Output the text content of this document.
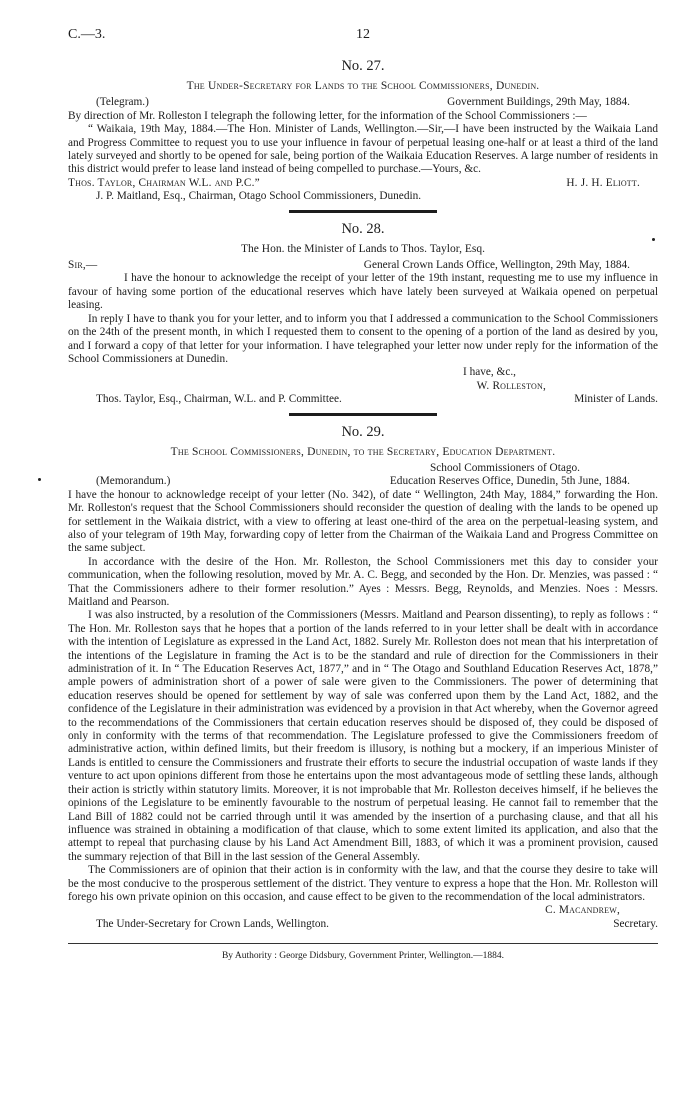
C.—3.	12
No. 27.
The Under-Secretary for Lands to the School Commissioners, Dunedin.
(Telegram.)	Government Buildings, 29th May, 1884.

By direction of Mr. Rolleston I telegraph the following letter, for the information of the School Commissioners :—

“ Waikaia, 19th May, 1884.—The Hon. Minister of Lands, Wellington.—Sir,—I have been instructed by the Waikaia Land and Progress Committee to request you to use your influence in favour of perpetual leasing one-half or at least a third of the land lately surveyed and shortly to be opened for sale, being portion of the Waikaia Education Reserves. A large number of residents in this district would prefer to lease land instead of being compelled to purchase.—Yours, &c.

Thos. Taylor, Chairman W.L. and P.C.”	H. J. H. Eliott.
J. P. Maitland, Esq., Chairman, Otago School Commissioners, Dunedin.
No. 28.
The Hon. the Minister of Lands to Thos. Taylor, Esq.
Sir,—	General Crown Lands Office, Wellington, 29th May, 1884.

I have the honour to acknowledge the receipt of your letter of the 19th instant, requesting me to use my influence in favour of having some portion of the educational reserves which have lately been surveyed at Waikaia opened on perpetual leasing.

In reply I have to thank you for your letter, and to inform you that I addressed a communication to the School Commissioners on the 24th of the present month, in which I requested them to consent to the opening of a portion of the land as desired by you, and I forward a copy of that letter for your information. I have telegraphed your letter now under reply for the information of the School Commissioners at Dunedin.

I have, &c.,
W. Rolleston,
Thos. Taylor, Esq., Chairman, W.L. and P. Committee.	Minister of Lands.
No. 29.
The School Commissioners, Dunedin, to the Secretary, Education Department.
School Commissioners of Otago.
(Memorandum.)	Education Reserves Office, Dunedin, 5th June, 1884.

I have the honour to acknowledge receipt of your letter (No. 342), of date “ Wellington, 24th May, 1884,” forwarding the Hon. Mr. Rolleston's request that the School Commissioners should reconsider the question of dealing with the lands to be opened up for settlement in the Waikaia district, with a view to offering at least one-third of the area on the perpetual-leasing system, and also of your telegram of 19th May, forwarding copy of letter from the Chairman of the Waikaia Land and Progress Committee on the same subject.

In accordance with the desire of the Hon. Mr. Rolleston, the School Commissioners met this day to consider your communication, when the following resolution, moved by Mr. A. C. Begg, and seconded by the Hon. Dr. Menzies, was passed : “ That the Commissioners adhere to their former resolution.” Ayes : Messrs. Begg, Reynolds, and Menzies. Noes : Messrs. Maitland and Pearson.

I was also instructed, by a resolution of the Commissioners (Messrs. Maitland and Pearson dissenting), to reply as follows : “ The Hon. Mr. Rolleston says that he hopes that a portion of the lands referred to in your letter shall be dealt with in accordance with the intention of Legislature as expressed in the Land Act, 1882. Surely Mr. Rolleston does not mean that his interpretation of the intentions of the Legislature in framing the Act is to be the standard and rule of direction for the Commissioners in their administration of it. In “ The Education Reserves Act, 1877,” and in “ The Otago and Southland Education Reserves Act, 1878,” ample powers of administration short of a power of sale were given to the Commissioners. The power of determining that education reserves should be opened for settlement by way of sale was conferred upon them by the Land Act, 1882, and the confidence of the Legislature in their administration was evidenced by a provision in that Act whereby, when the Governor agreed to the recommendations of the Commissioners that certain education reserves should be disposed of, they could be disposed of only in conformity with the terms of that recommendation. The Legislature professed to give the Commissioners freedom of administrative action, within defined limits, but their freedom is illusory, is nothing but a mockery, if an imperious Minister of Lands is entitled to censure the Commissioners and frustrate their efforts to secure the industrial occupation of waste lands if they venture to act upon opinions different from those he entertains upon the most advantageous mode of settling these lands, although their action is strictly within statutory limits. Moreover, it is not improbable that Mr. Rolleston deceives himself, if he believes the opinions of the Legislature to be eminently favourable to the nostrum of perpetual leasing. He cannot fail to remember that the Land Bill of 1882 could not be carried through until it was amended by the insertion of a purchasing clause, and that all his influence was strained in obtaining a modification of that clause, which to some extent limited its application, and also that the attempt to repeal that purchasing clause by his Land Act Amendment Bill, 1883, of which it was a prominent provision, caused the summary rejection of that Bill in the last session of the General Assembly.

The Commissioners are of opinion that their action is in conformity with the law, and that the course they desire to take will be the most conducive to the prosperous settlement of the district. They venture to express a hope that the Hon. Mr. Rolleston will forego his own private opinion on this occasion, and cause effect to be given to the recommendation of the local administrators.

C. Macandrew,
The Under-Secretary for Crown Lands, Wellington.	Secretary.
By Authority : George Didsbury, Government Printer, Wellington.—1884.
